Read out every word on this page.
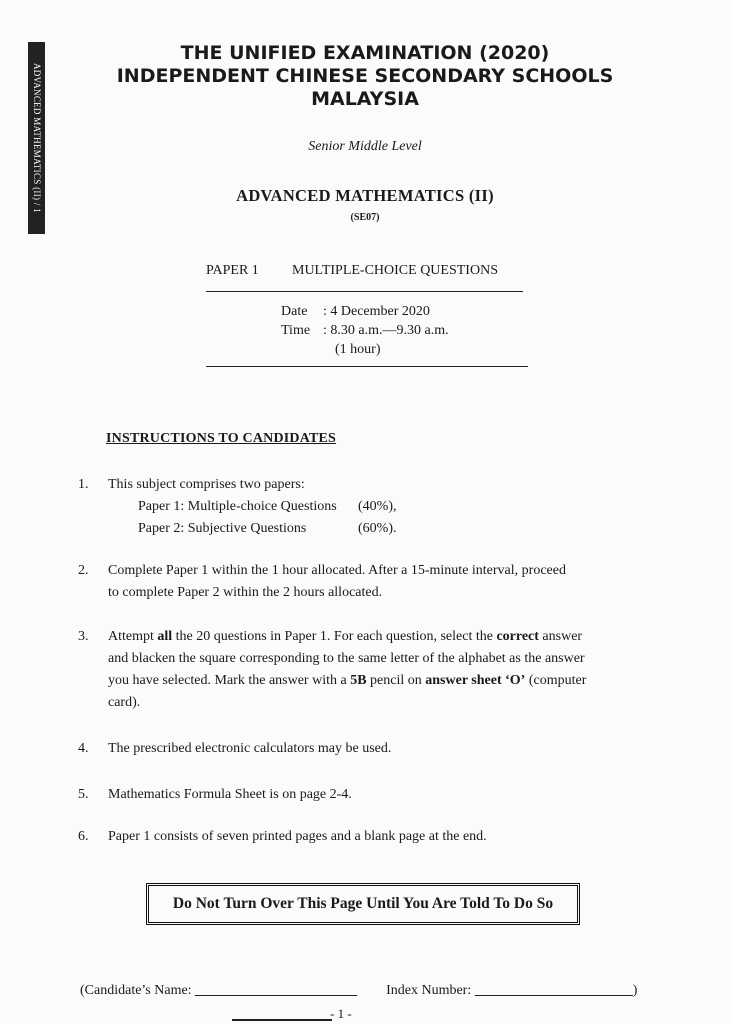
ADVANCED MATHEMATICS (II) / 1
THE UNIFIED EXAMINATION (2020)
INDEPENDENT CHINESE SECONDARY SCHOOLS
MALAYSIA
Senior Middle Level
ADVANCED MATHEMATICS (II)
(SE07)
PAPER 1 MULTIPLE-CHOICE QUESTIONS
Date : 4 December 2020
Time : 8.30 a.m.—9.30 a.m.
(1 hour)
INSTRUCTIONS TO CANDIDATES
1. This subject comprises two papers:
Paper 1: Multiple-choice Questions (40%),
Paper 2: Subjective Questions	(60%).
2. Complete Paper 1 within the 1 hour allocated. After a 15-minute interval, proceed
to complete Paper 2 within the 2 hours allocated.
3. Attempt all the 20 questions in Paper 1. For each question, select the correct answer
and blacken the square corresponding to the same letter of the alphabet as the answer
you have selected. Mark the answer with a 5B pencil on answer sheet ‘O’ (computer
card).
4. The prescribed electronic calculators may be used.
5. Mathematics Formula Sheet is on page 2-4.
6. Paper 1 consists of seven printed pages and a blank page at the end.
Do Not Turn Over This Page Until You Are Told To Do So
(Candidate’s Name:	Index Number:	)
- 1 -
